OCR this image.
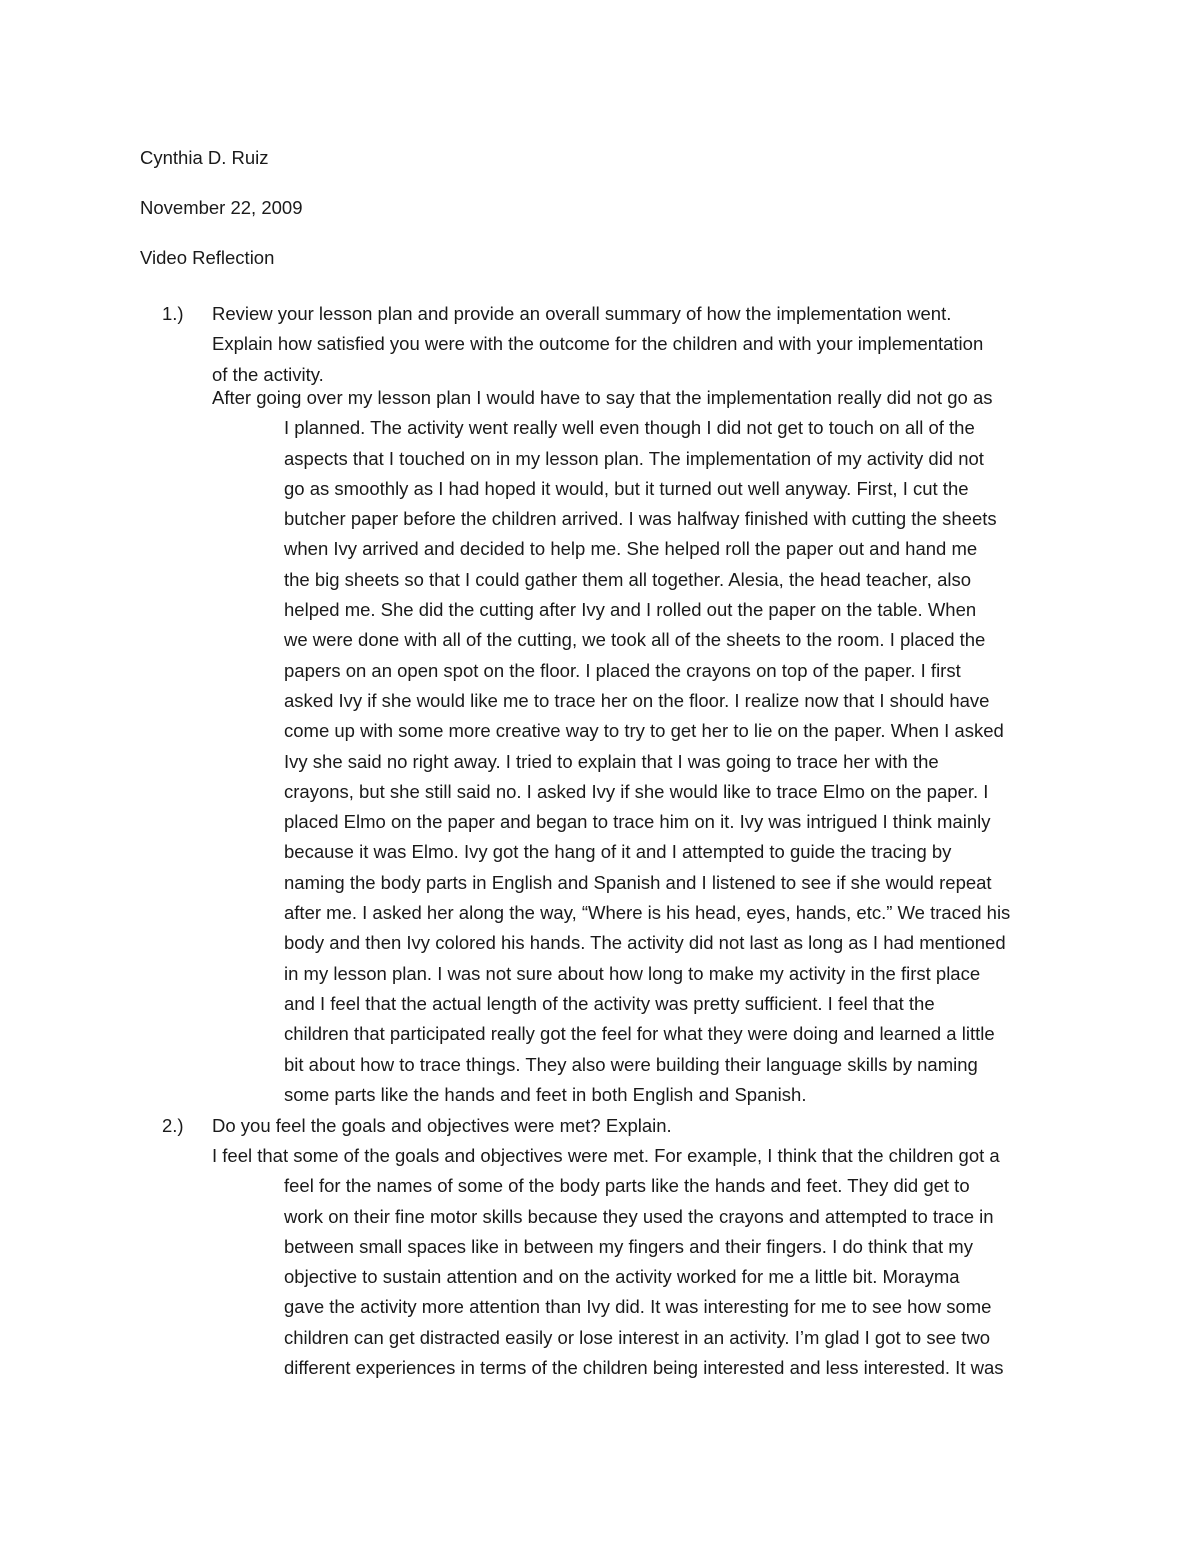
Cynthia D. Ruiz
November 22, 2009
Video Reflection
1.) Review your lesson plan and provide an overall summary of how the implementation went.
Explain how satisfied you were with the outcome for the children and with your implementation
of the activity.
After going over my lesson plan I would have to say that the implementation really did not go as
I planned. The activity went really well even though I did not get to touch on all of the
aspects that I touched on in my lesson plan. The implementation of my activity did not
go as smoothly as I had hoped it would, but it turned out well anyway. First, I cut the
butcher paper before the children arrived. I was halfway finished with cutting the sheets
when Ivy arrived and decided to help me. She helped roll the paper out and hand me
the big sheets so that I could gather them all together. Alesia, the head teacher, also
helped me. She did the cutting after Ivy and I rolled out the paper on the table. When
we were done with all of the cutting, we took all of the sheets to the room. I placed the
papers on an open spot on the floor. I placed the crayons on top of the paper. I first
asked Ivy if she would like me to trace her on the floor. I realize now that I should have
come up with some more creative way to try to get her to lie on the paper. When I asked
Ivy she said no right away. I tried to explain that I was going to trace her with the
crayons, but she still said no. I asked Ivy if she would like to trace Elmo on the paper. I
placed Elmo on the paper and began to trace him on it. Ivy was intrigued I think mainly
because it was Elmo. Ivy got the hang of it and I attempted to guide the tracing by
naming the body parts in English and Spanish and I listened to see if she would repeat
after me. I asked her along the way, “Where is his head, eyes, hands, etc.” We traced his
body and then Ivy colored his hands. The activity did not last as long as I had mentioned
in my lesson plan. I was not sure about how long to make my activity in the first place
and I feel that the actual length of the activity was pretty sufficient. I feel that the
children that participated really got the feel for what they were doing and learned a little
bit about how to trace things. They also were building their language skills by naming
some parts like the hands and feet in both English and Spanish.
2.) Do you feel the goals and objectives were met? Explain.
I feel that some of the goals and objectives were met. For example, I think that the children got a
feel for the names of some of the body parts like the hands and feet. They did get to
work on their fine motor skills because they used the crayons and attempted to trace in
between small spaces like in between my fingers and their fingers. I do think that my
objective to sustain attention and on the activity worked for me a little bit. Morayma
gave the activity more attention than Ivy did. It was interesting for me to see how some
children can get distracted easily or lose interest in an activity. I’m glad I got to see two
different experiences in terms of the children being interested and less interested. It was
